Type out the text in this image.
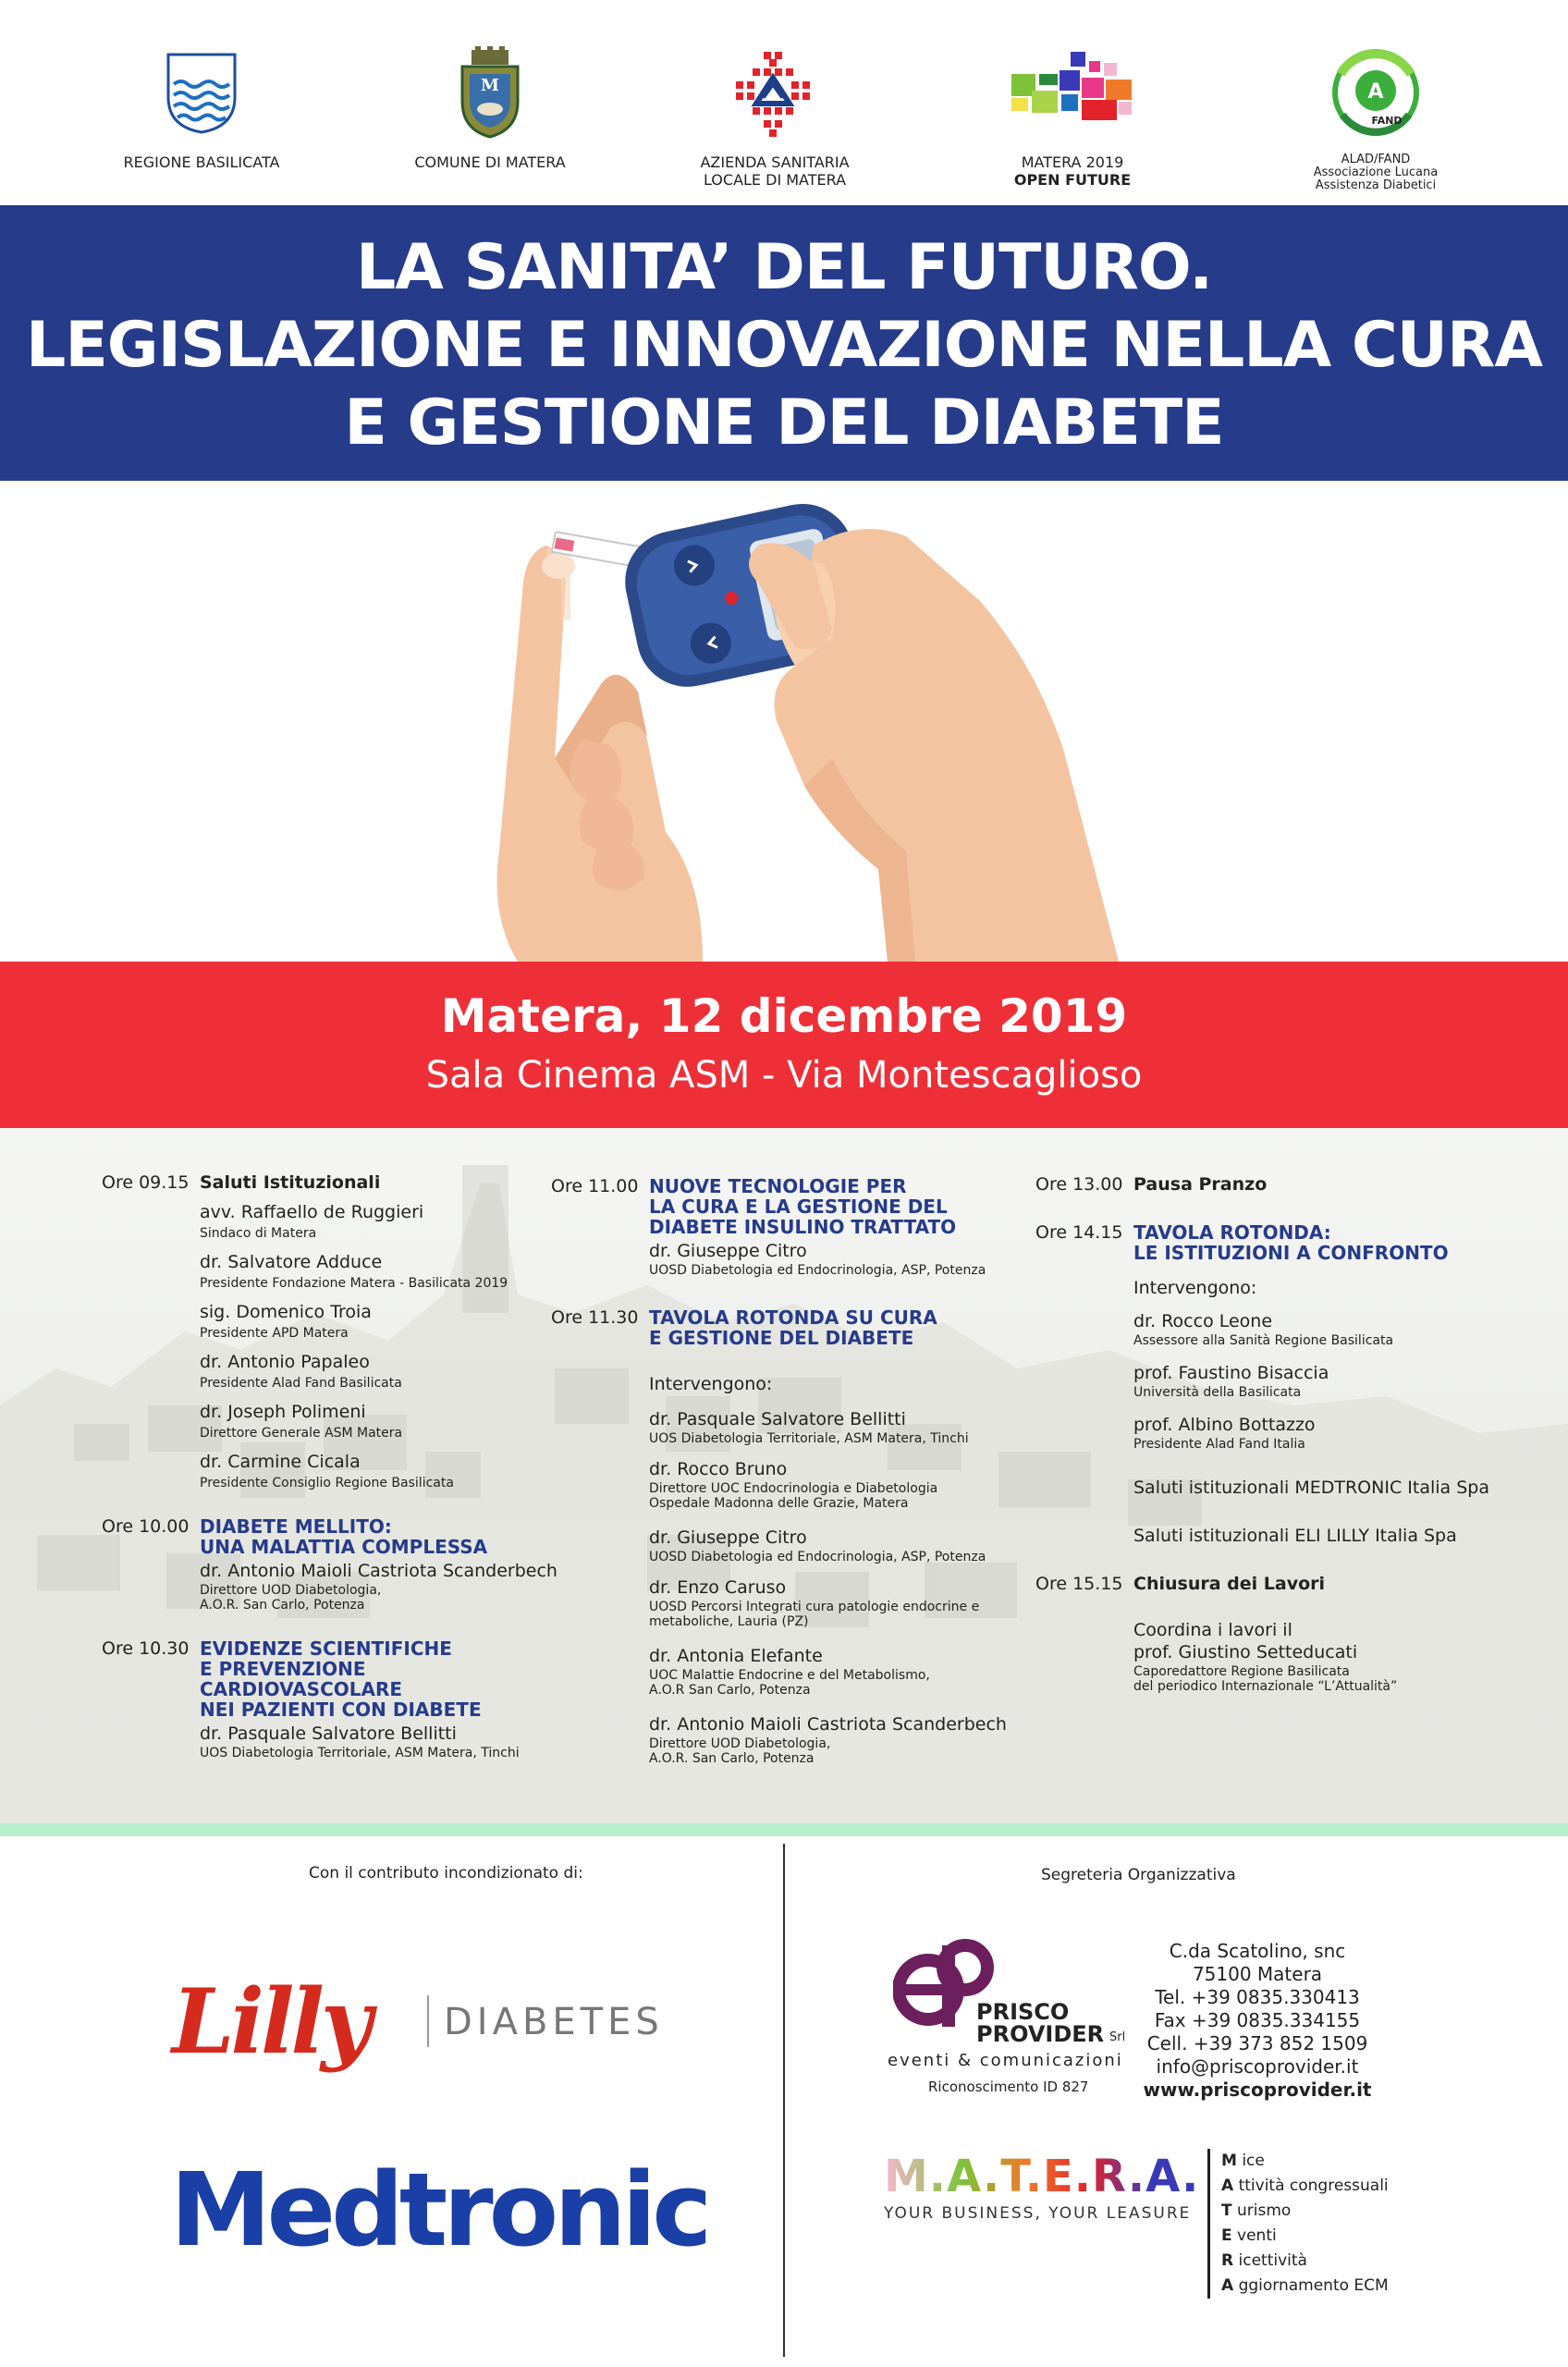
REGIONE BASILICATA
M
COMUNE DI MATERA	AZIENDA SANITARIA
LOCALE DI MATERA
MATERA 2019
OPEN FUTURE
A
FAND
ALAD/FAND
Associazione Lucana
Assistenza Diabetici
LA SANITA’ DEL FUTURO.
LEGISLAZIONE E INNOVAZIONE NELLA CURA
E GESTIONE DEL DIABETE
Matera, 12 dicembre 2019
Sala Cinema ASM - Via Montescaglioso
Ore 09.15 Saluti Istituzionali
avv. Raffaello de Ruggieri
Sindaco di Matera
dr. Salvatore Adduce
Presidente Fondazione Matera - Basilicata 2019
sig. Domenico Troia
Presidente APD Matera
dr. Antonio Papaleo
Presidente Alad Fand Basilicata
dr. Joseph Polimeni
Direttore Generale ASM Matera
dr. Carmine Cicala
Presidente Consiglio Regione Basilicata
Ore 10.00 DIABETE MELLITO:
UNA MALATTIA COMPLESSA
dr. Antonio Maioli Castriota Scanderbech
Direttore UOD Diabetologia,
A.O.R. San Carlo, Potenza
Ore 10.30 EVIDENZE SCIENTIFICHE
E PREVENZIONE
CARDIOVASCOLARE
NEI PAZIENTI CON DIABETE
dr. Pasquale Salvatore Bellitti
UOS Diabetologia Territoriale, ASM Matera, Tinchi
Ore 11.00 NUOVE TECNOLOGIE PER
LA CURA E LA GESTIONE DEL
DIABETE INSULINO TRATTATO
dr. Giuseppe Citro
UOSD Diabetologia ed Endocrinologia, ASP, Potenza
Ore 11.30 TAVOLA ROTONDA SU CURA
E GESTIONE DEL DIABETE
Intervengono:
dr. Pasquale Salvatore Bellitti
UOS Diabetologia Territoriale, ASM Matera, Tinchi
dr. Rocco Bruno
Direttore UOC Endocrinologia e Diabetologia
Ospedale Madonna delle Grazie, Matera
dr. Giuseppe Citro
UOSD Diabetologia ed Endocrinologia, ASP, Potenza
dr. Enzo Caruso
UOSD Percorsi Integrati cura patologie endocrine e
metaboliche, Lauria (PZ)
dr. Antonia Elefante
UOC Malattie Endocrine e del Metabolismo,
A.O.R San Carlo, Potenza
dr. Antonio Maioli Castriota Scanderbech
Direttore UOD Diabetologia,
A.O.R. San Carlo, Potenza
Ore 13.00 Pausa Pranzo
Ore 14.15 TAVOLA ROTONDA:
LE ISTITUZIONI A CONFRONTO
Intervengono:
dr. Rocco Leone
Assessore alla Sanità Regione Basilicata
prof. Faustino Bisaccia
Università della Basilicata
prof. Albino Bottazzo
Presidente Alad Fand Italia
Saluti istituzionali MEDTRONIC Italia Spa
Saluti istituzionali ELI LILLY Italia Spa
Ore 15.15 Chiusura dei Lavori
Coordina i lavori il
prof. Giustino Setteducati
Caporedattore Regione Basilicata
del periodico Internazionale “L’Attualità”
Con il contributo incondizionato di:
Lilly DIABETES
Medtronic
Segreteria Organizzativa
PRISCO
PROVIDER Srl
eventi & comunicazioni
Riconoscimento ID 827
C.da Scatolino, snc
75100 Matera
Tel. +39 0835.330413
Fax +39 0835.334155
Cell. +39 373 852 1509
info@priscoprovider.it
www.priscoprovider.it
M.A.T.E.R.A.
YOUR BUSINESS, YOUR LEASURE
M ice
A ttività congressuali
T urismo
E venti
R icettività
A ggiornamento ECM
